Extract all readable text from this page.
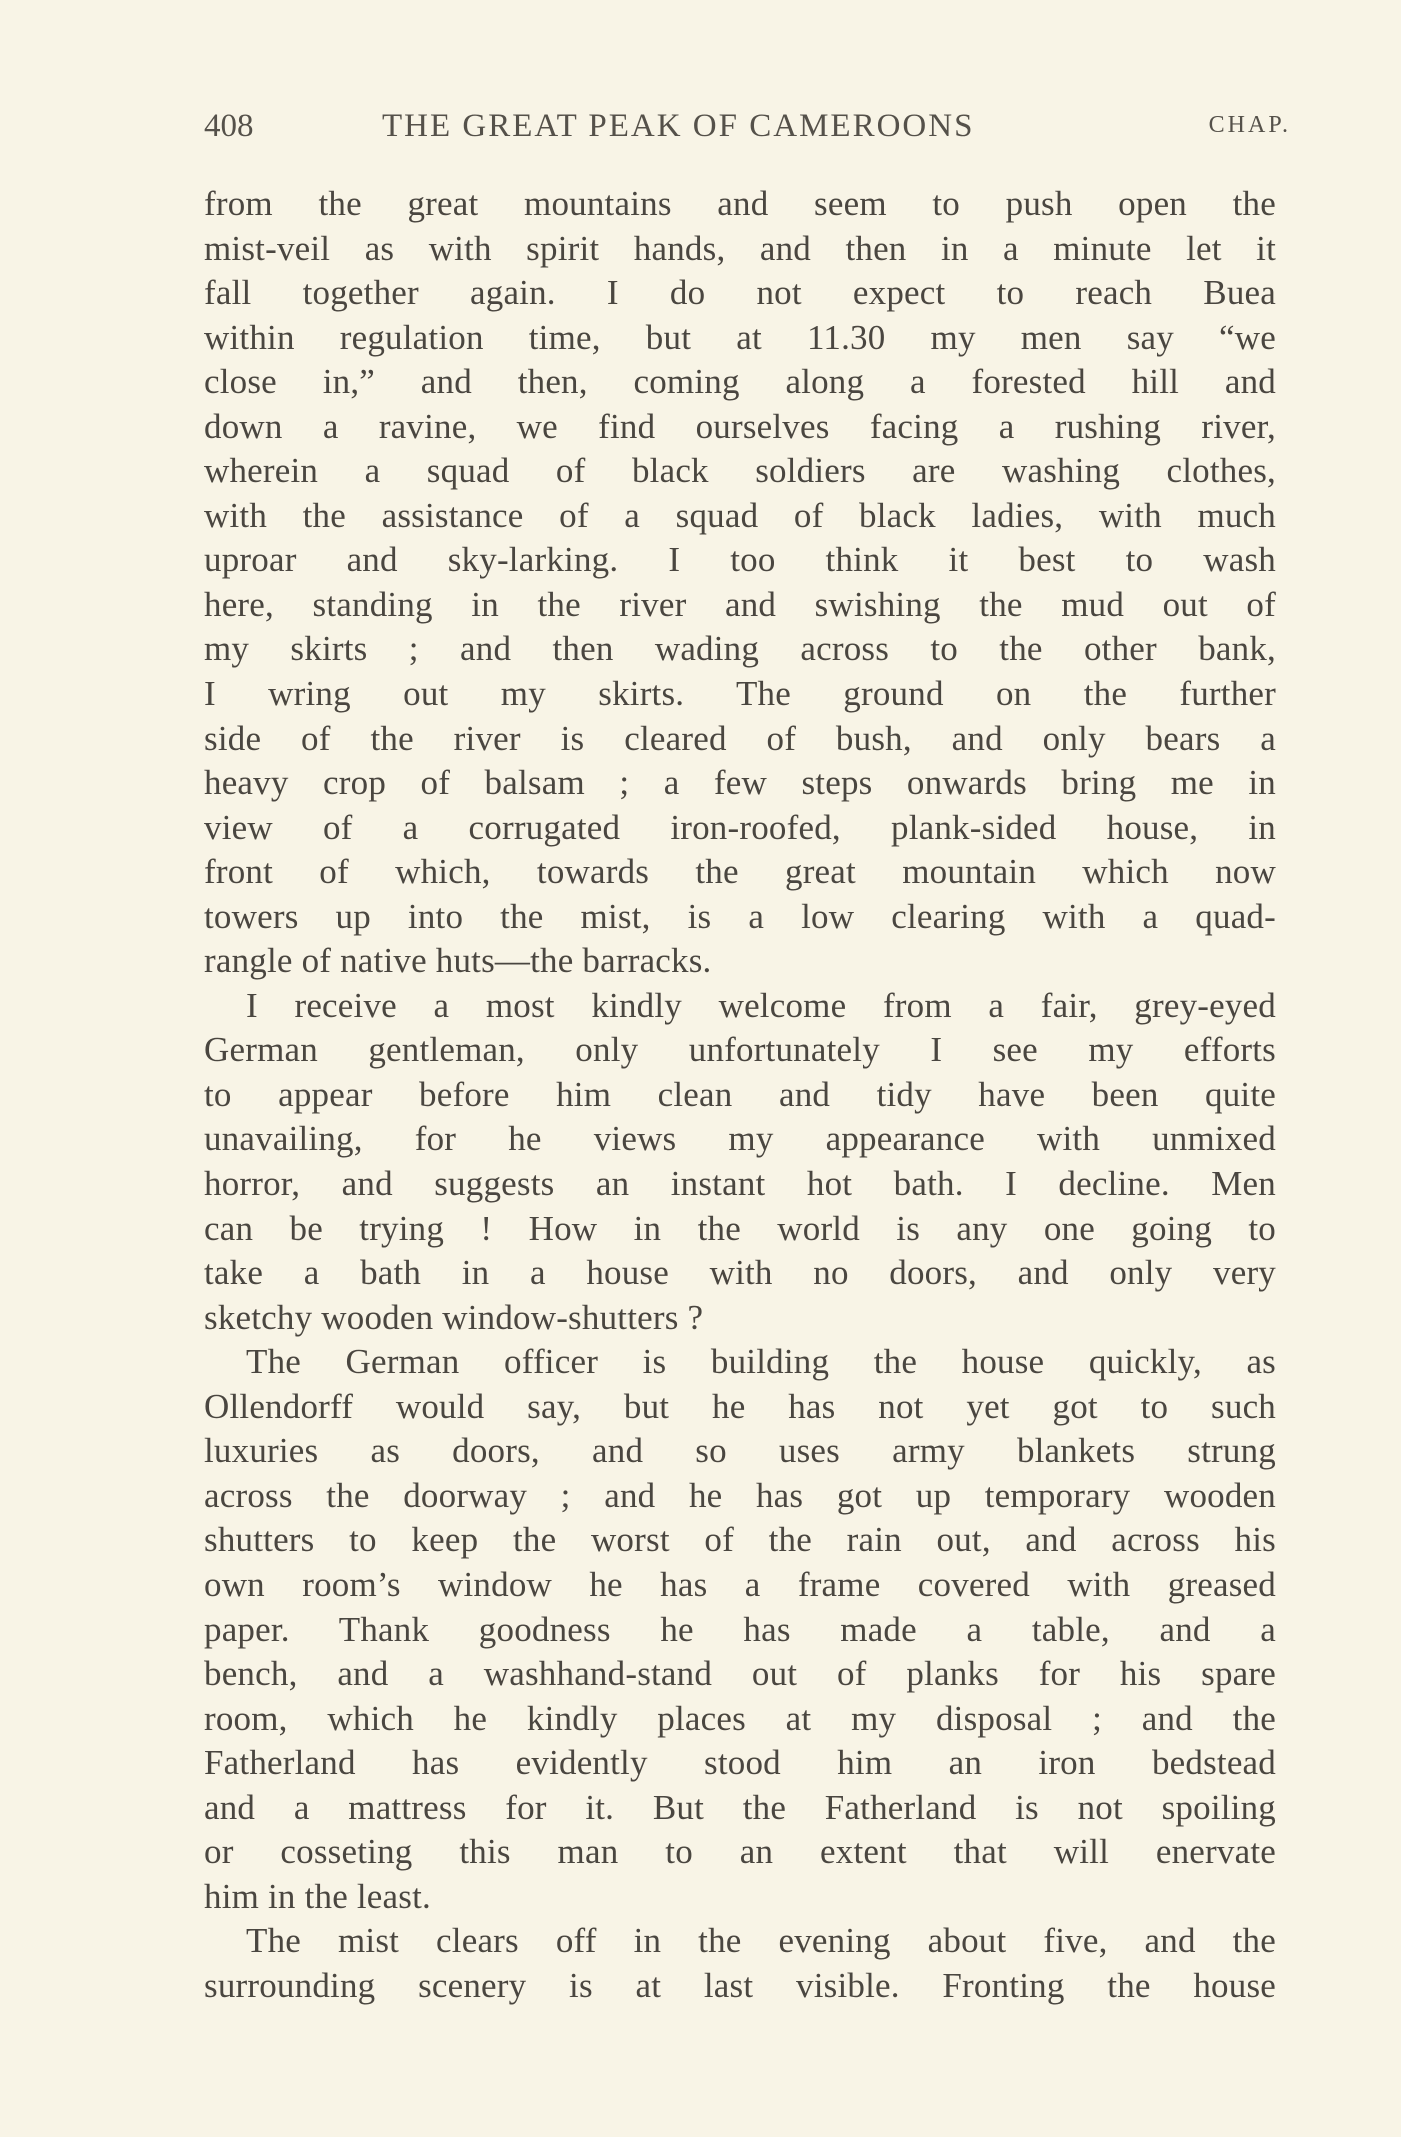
408	THE GREAT PEAK OF CAMEROONS	CHAP.
from the great mountains and seem to push open the
mist-veil as with spirit hands, and then in a minute let it
fall together again. I do not expect to reach Buea
within regulation time, but at 11.30 my men say “we
close in,” and then, coming along a forested hill and
down a ravine, we find ourselves facing a rushing river,
wherein a squad of black soldiers are washing clothes,
with the assistance of a squad of black ladies, with much
uproar and sky-larking. I too think it best to wash
here, standing in the river and swishing the mud out of
my skirts ; and then wading across to the other bank,
I wring out my skirts. The ground on the further
side of the river is cleared of bush, and only bears a
heavy crop of balsam ; a few steps onwards bring me in
view of a corrugated iron-roofed, plank-sided house, in
front of which, towards the great mountain which now
towers up into the mist, is a low clearing with a quad-
rangle of native huts—the barracks.
I receive a most kindly welcome from a fair, grey-eyed
German gentleman, only unfortunately I see my efforts
to appear before him clean and tidy have been quite
unavailing, for he views my appearance with unmixed
horror, and suggests an instant hot bath. I decline. Men
can be trying ! How in the world is any one going to
take a bath in a house with no doors, and only very
sketchy wooden window-shutters ?
The German officer is building the house quickly, as
Ollendorff would say, but he has not yet got to such
luxuries as doors, and so uses army blankets strung
across the doorway ; and he has got up temporary wooden
shutters to keep the worst of the rain out, and across his
own room’s window he has a frame covered with greased
paper. Thank goodness he has made a table, and a
bench, and a washhand-stand out of planks for his spare
room, which he kindly places at my disposal ; and the
Fatherland has evidently stood him an iron bedstead
and a mattress for it. But the Fatherland is not spoiling
or cosseting this man to an extent that will enervate
him in the least.
The mist clears off in the evening about five, and the
surrounding scenery is at last visible. Fronting the house
